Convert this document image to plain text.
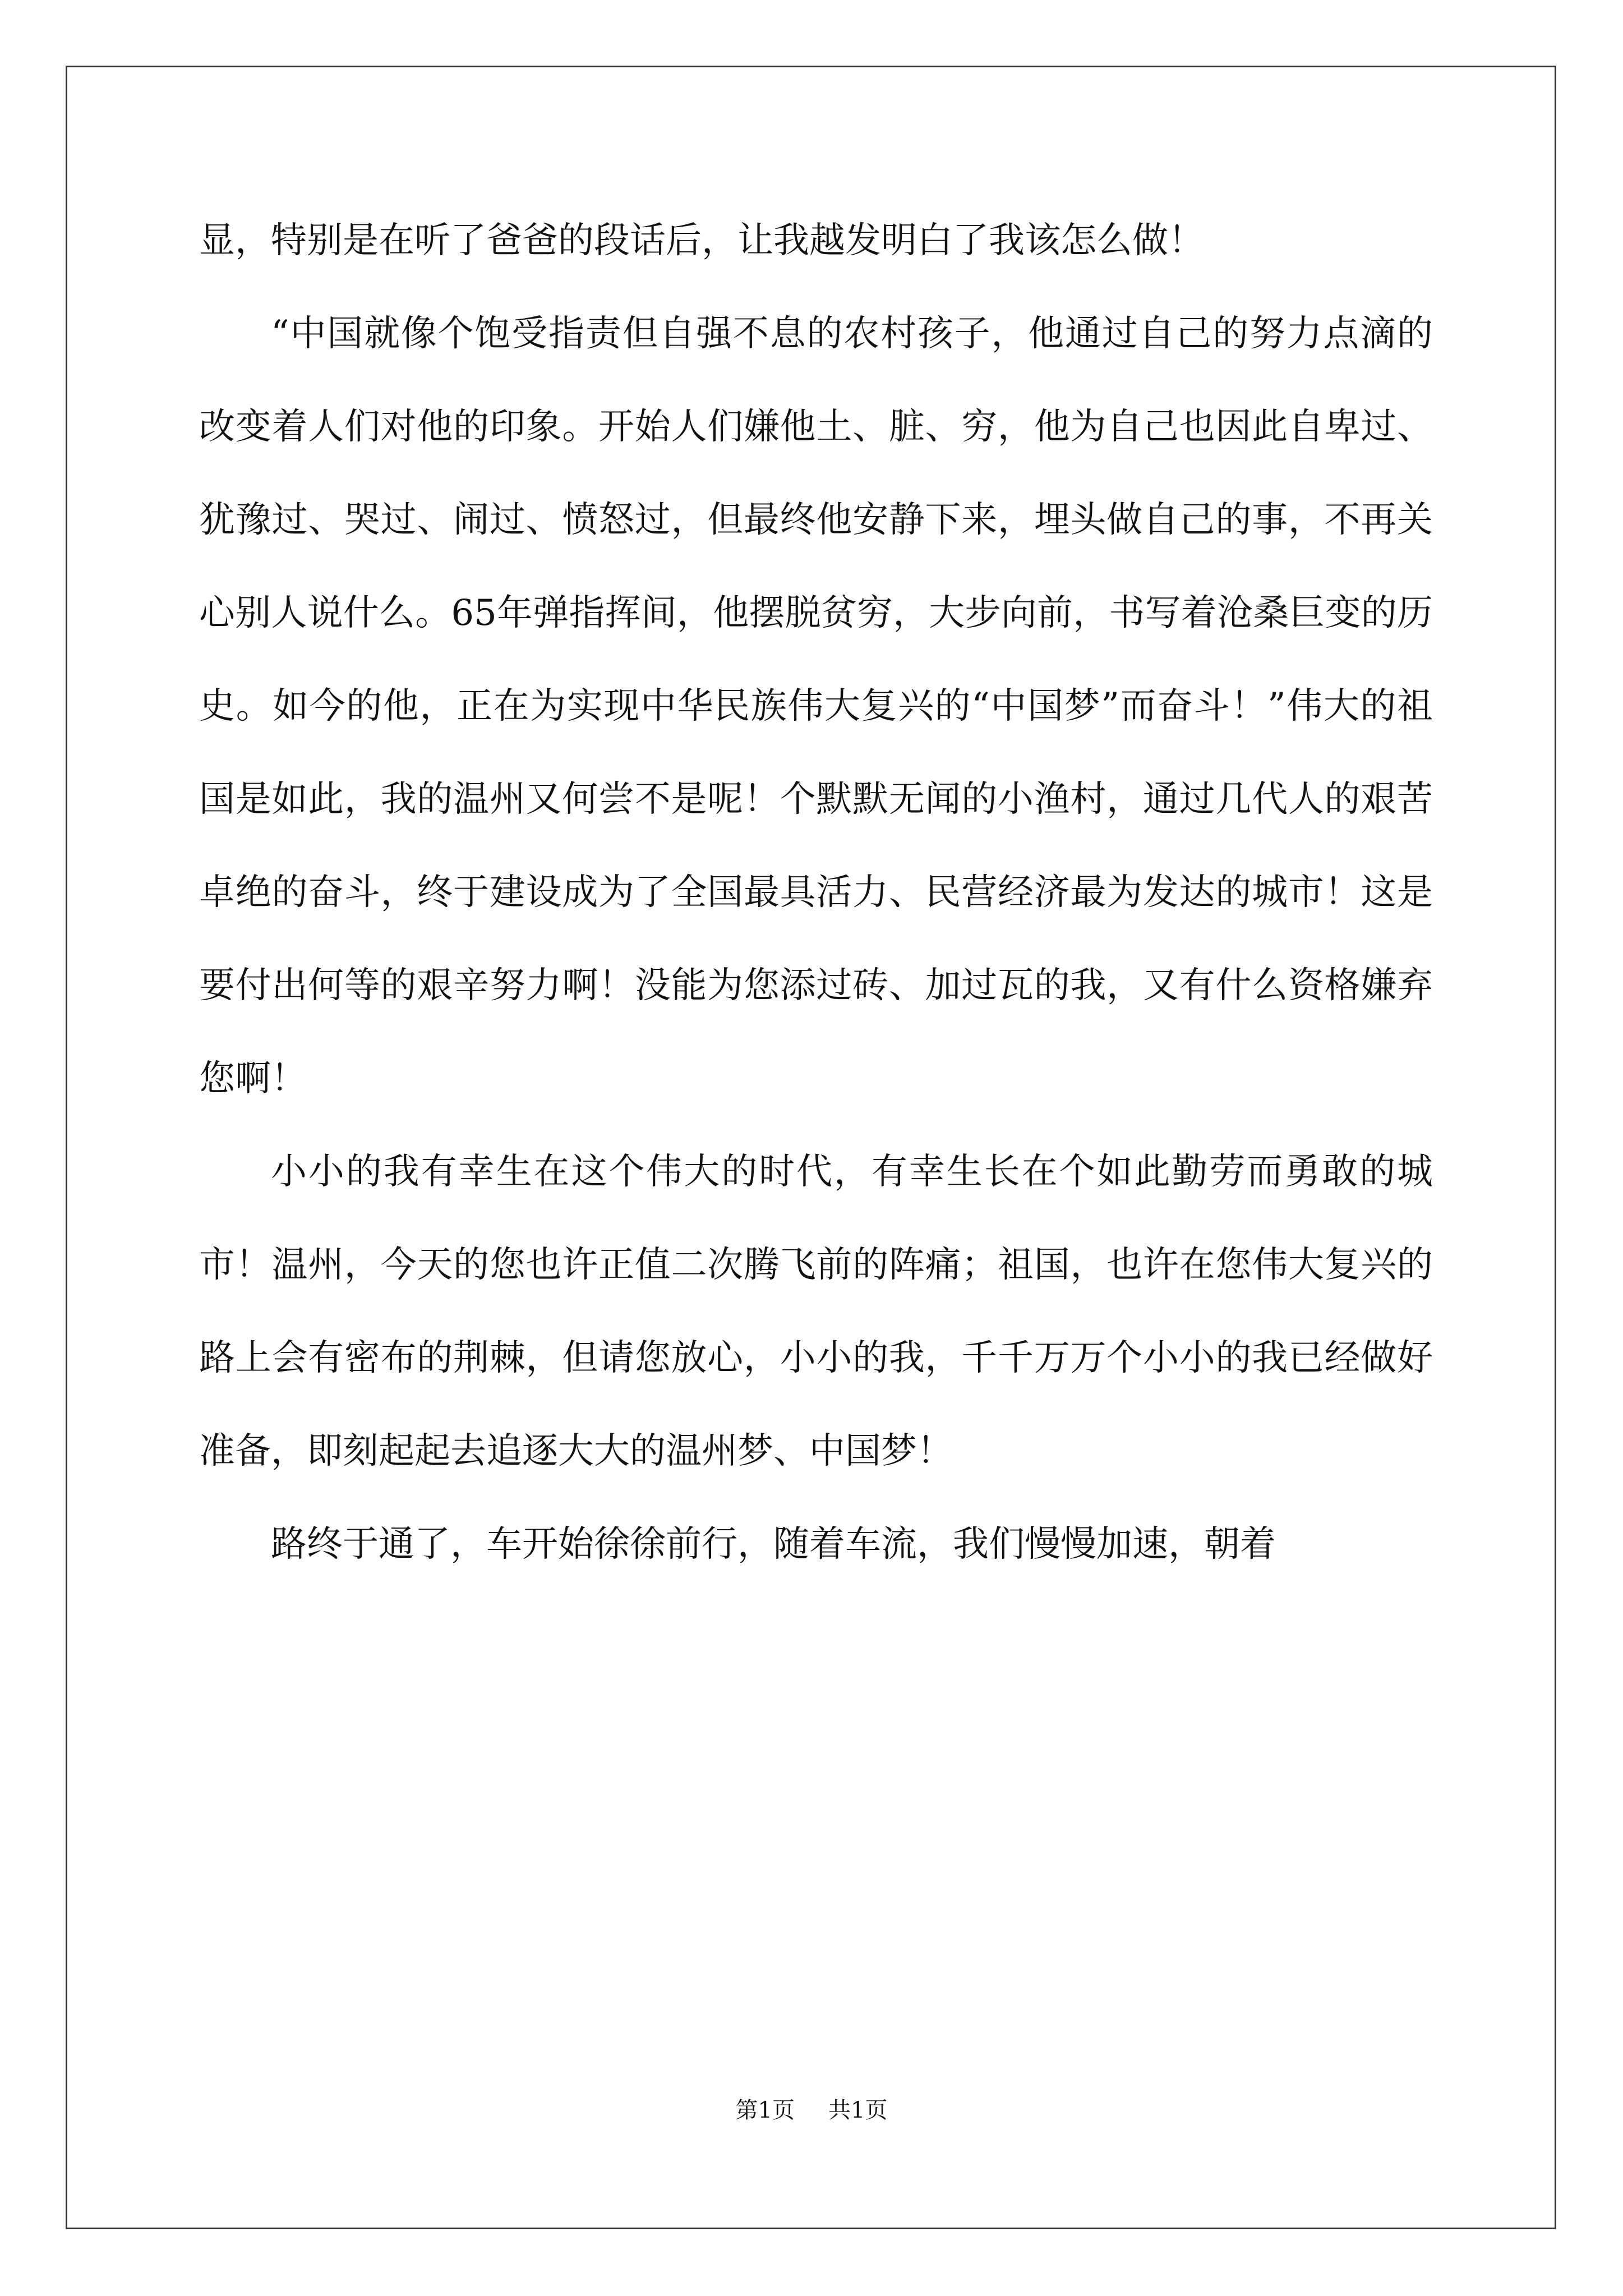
显，特别是在听了爸爸的段话后，让我越发明白了我该怎么做！

“中国就像个饱受指责但自强不息的农村孩子，他通过自己的努力点滴的改变着人们对他的印象。开始人们嫌他土、脏、穷，他为自己也因此自卑过、犹豫过、哭过、闹过、愤怒过，但最终他安静下来，埋头做自己的事，不再关心别人说什么。65年弹指挥间，他摆脱贫穷，大步向前，书写着沧桑巨变的历史。如今的他，正在为实现中华民族伟大复兴的“中国梦”而奋斗！”伟大的祖国是如此，我的温州又何尝不是呢！个默默无闻的小渔村，通过几代人的艰苦卓绝的奋斗，终于建设成为了全国最具活力、民营经济最为发达的城市！这是要付出何等的艰辛努力啊！没能为您添过砖、加过瓦的我，又有什么资格嫌弃您啊！

小小的我有幸生在这个伟大的时代，有幸生长在个如此勤劳而勇敢的城市！温州，今天的您也许正值二次腾飞前的阵痛；祖国，也许在您伟大复兴的路上会有密布的荆棘，但请您放心，小小的我，千千万万个小小的我已经做好准备，即刻起起去追逐大大的温州梦、中国梦！

路终于通了，车开始徐徐前行，随着车流，我们慢慢加速，朝着

第1页 共1页
